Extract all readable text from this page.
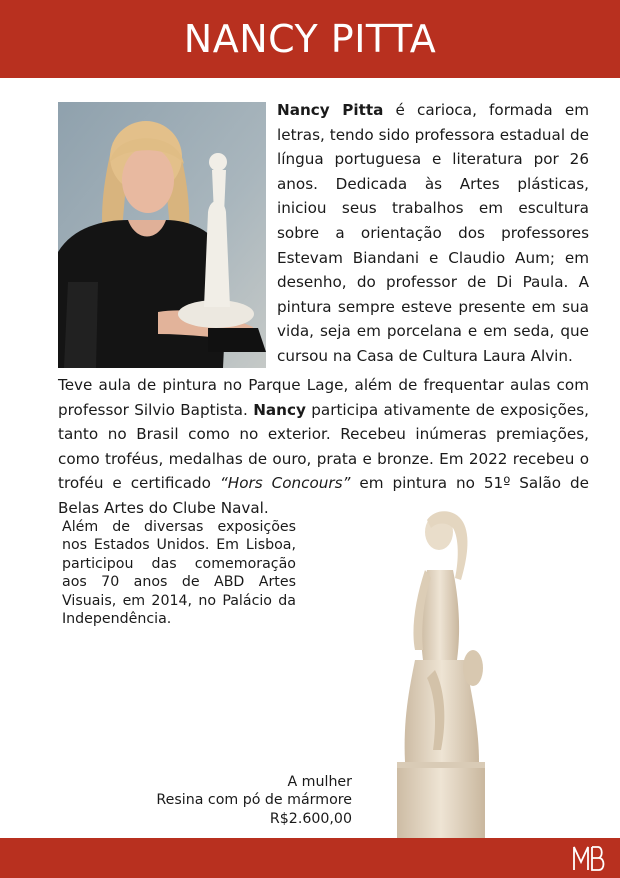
NANCY PITTA

Nancy Pitta é carioca, formada em letras, tendo sido professora estadual de língua portuguesa e literatura por 26 anos. Dedicada às Artes plásticas, iniciou seus trabalhos em escultura sobre a orientação dos professores Estevam Biandani e Claudio Aum; em desenho, do professor de Di Paula. A pintura sempre esteve presente em sua vida, seja em porcelana e em seda, que cursou na Casa de Cultura Laura Alvin.

Teve aula de pintura no Parque Lage, além de frequentar aulas com professor Silvio Baptista. Nancy participa ativamente de exposições, tanto no Brasil como no exterior. Recebeu inúmeras premiações, como troféus, medalhas de ouro, prata e bronze. Em 2022 recebeu o troféu e certificado “Hors Concours” em pintura no 51º Salão de Belas Artes do Clube Naval.

Além de diversas exposições nos Estados Unidos. Em Lisboa, participou das comemoração aos 70 anos de ABD Artes Visuais, em 2014, no Palácio da Independência.

A mulher
Resina com pó de mármore
R$2.600,00
